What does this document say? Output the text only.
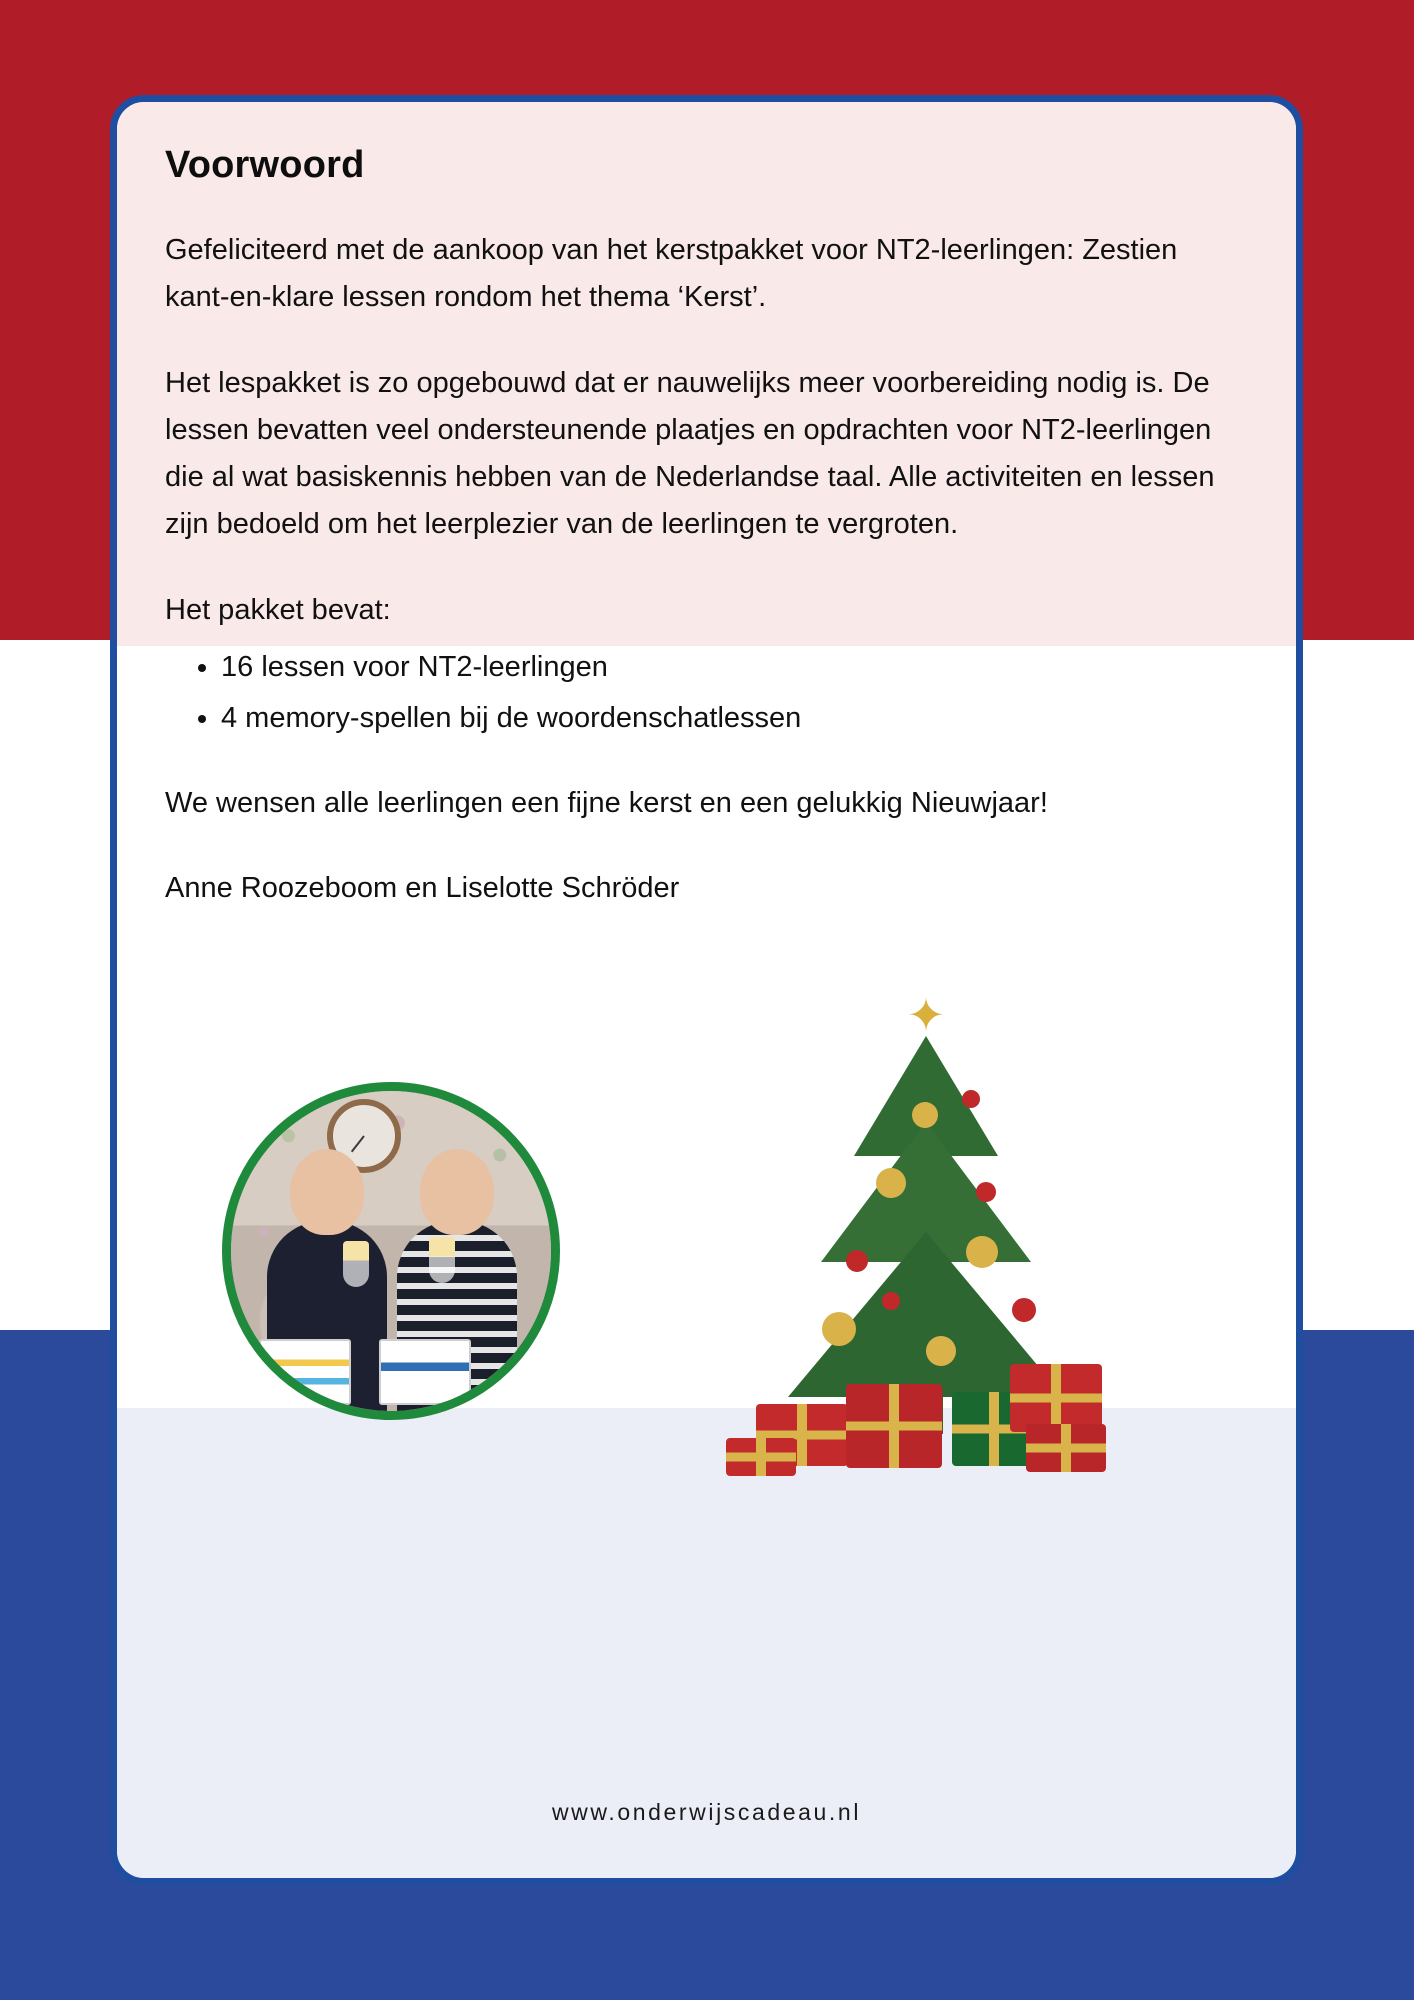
Voorwoord

Gefeliciteerd met de aankoop van het kerstpakket voor NT2-leerlingen: Zestien kant-en-klare lessen rondom het thema ‘Kerst’.

Het lespakket is zo opgebouwd dat er nauwelijks meer voorbereiding nodig is. De lessen bevatten veel ondersteunende plaatjes en opdrachten voor NT2-leerlingen die al wat basiskennis hebben van de Nederlandse taal. Alle activiteiten en lessen zijn bedoeld om het leerplezier van de leerlingen te vergroten.

Het pakket bevat:

• 16 lessen voor NT2-leerlingen
• 4 memory-spellen bij de woordenschatlessen

We wensen alle leerlingen een fijne kerst en een gelukkig Nieuwjaar!

Anne Roozeboom en Liselotte Schröder

✦
www.onderwijscadeau.nl
